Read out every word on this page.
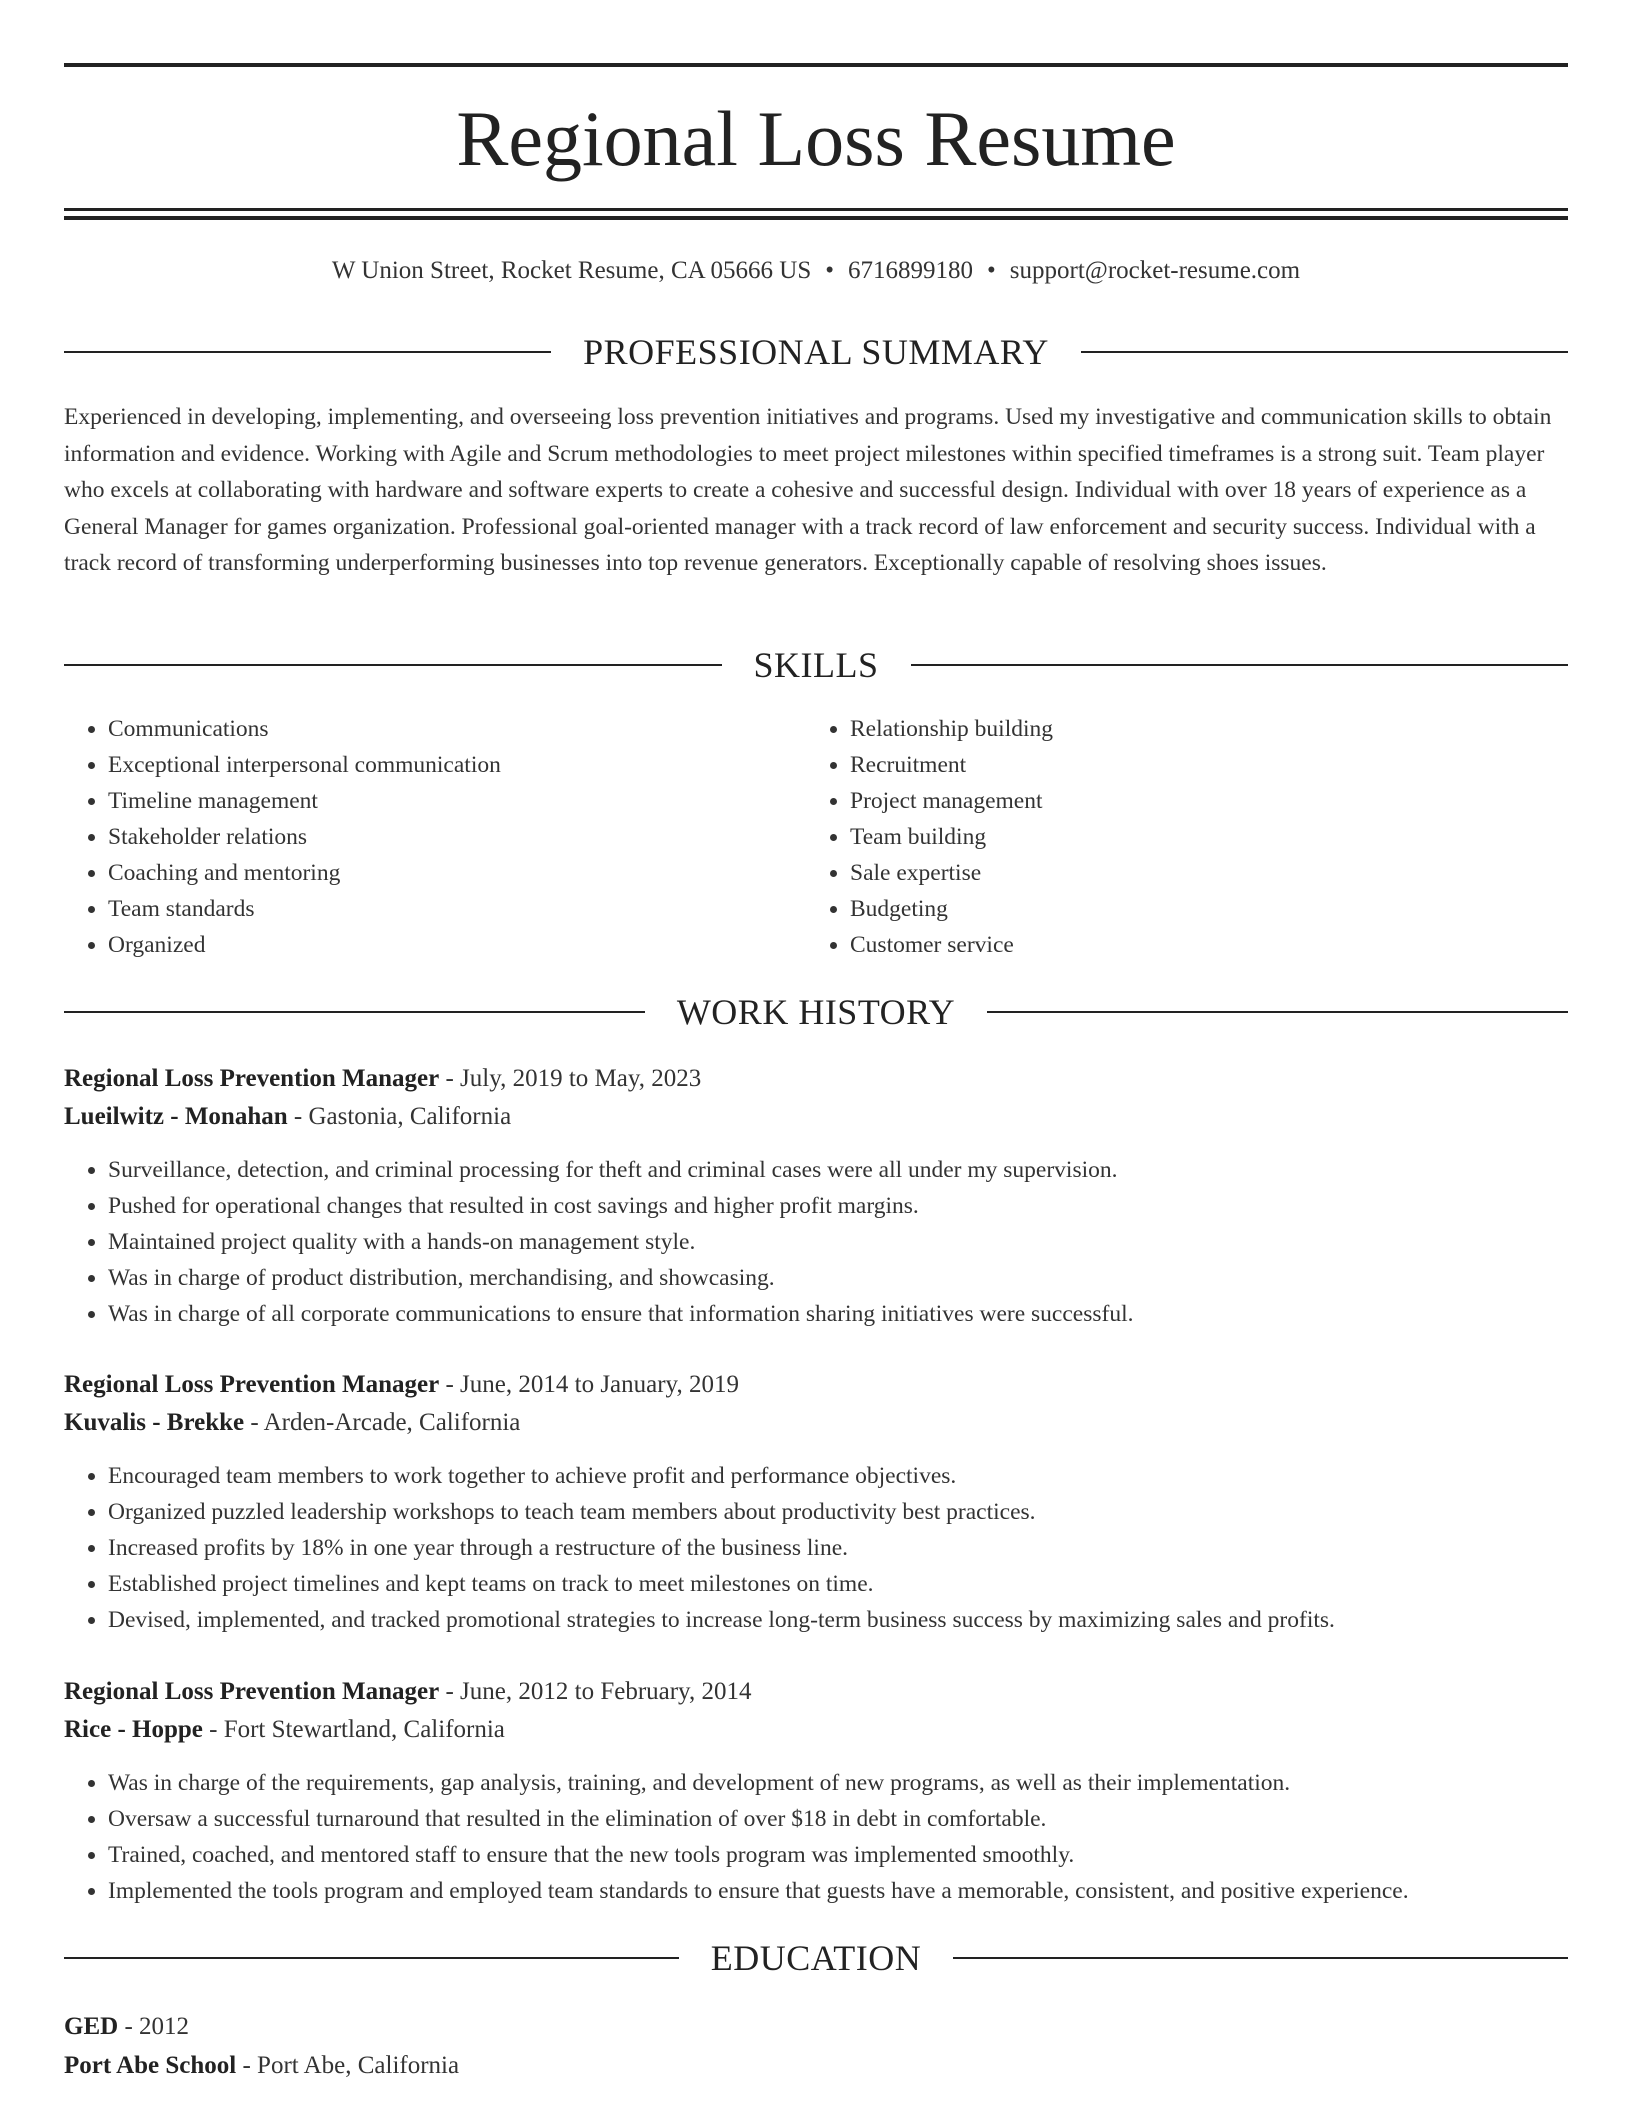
Regional Loss Resume
W Union Street, Rocket Resume, CA 05666 US • 6716899180 • support@rocket-resume.com
PROFESSIONAL SUMMARY

Experienced in developing, implementing, and overseeing loss prevention initiatives and programs. Used my investigative and communication skills to obtain information and evidence. Working with Agile and Scrum methodologies to meet project milestones within specified timeframes is a strong suit. Team player who excels at collaborating with hardware and software experts to create a cohesive and successful design. Individual with over 18 years of experience as a General Manager for games organization. Professional goal-oriented manager with a track record of law enforcement and security success. Individual with a track record of transforming underperforming businesses into top revenue generators. Exceptionally capable of resolving shoes issues.

SKILLS
• Communications
• Exceptional interpersonal communication
• Timeline management
• Stakeholder relations
• Coaching and mentoring
• Team standards
• Organized
• Relationship building
• Recruitment
• Project management
• Team building
• Sale expertise
• Budgeting
• Customer service
WORK HISTORY
Regional Loss Prevention Manager - July, 2019 to May, 2023
Lueilwitz - Monahan - Gastonia, California
• Surveillance, detection, and criminal processing for theft and criminal cases were all under my supervision.
• Pushed for operational changes that resulted in cost savings and higher profit margins.
• Maintained project quality with a hands-on management style.
• Was in charge of product distribution, merchandising, and showcasing.
• Was in charge of all corporate communications to ensure that information sharing initiatives were successful.
Regional Loss Prevention Manager - June, 2014 to January, 2019
Kuvalis - Brekke - Arden-Arcade, California
• Encouraged team members to work together to achieve profit and performance objectives.
• Organized puzzled leadership workshops to teach team members about productivity best practices.
• Increased profits by 18% in one year through a restructure of the business line.
• Established project timelines and kept teams on track to meet milestones on time.
• Devised, implemented, and tracked promotional strategies to increase long-term business success by maximizing sales and profits.
Regional Loss Prevention Manager - June, 2012 to February, 2014
Rice - Hoppe - Fort Stewartland, California
• Was in charge of the requirements, gap analysis, training, and development of new programs, as well as their implementation.
• Oversaw a successful turnaround that resulted in the elimination of over $18 in debt in comfortable.
• Trained, coached, and mentored staff to ensure that the new tools program was implemented smoothly.
• Implemented the tools program and employed team standards to ensure that guests have a memorable, consistent, and positive experience.
EDUCATION
GED - 2012
Port Abe School - Port Abe, California
